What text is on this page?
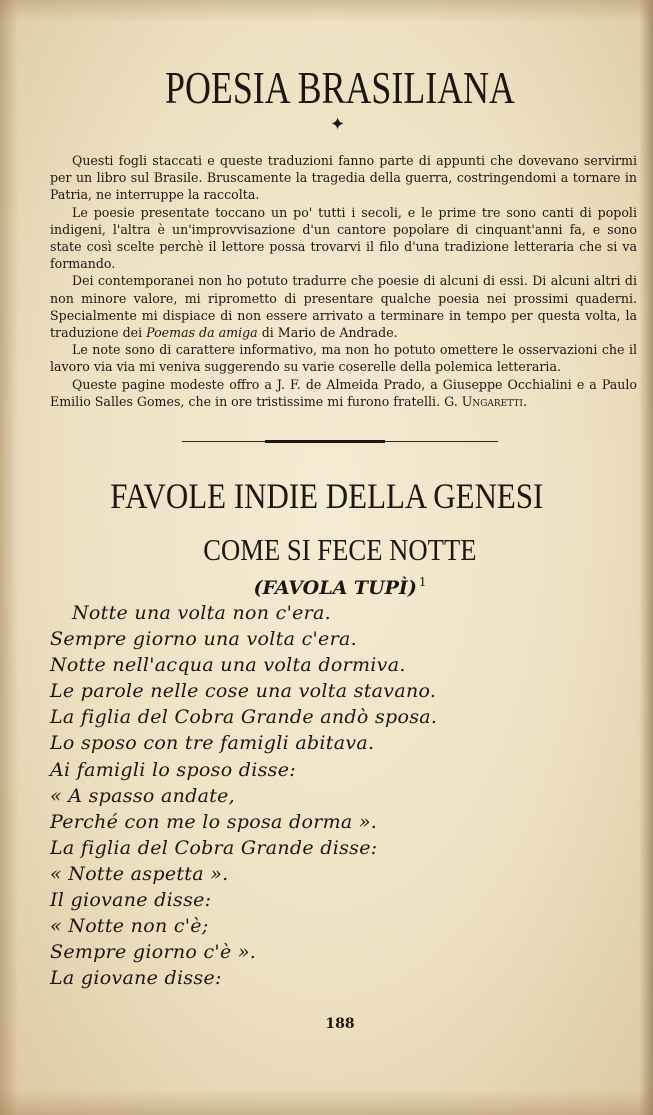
POESIA BRASILIANA
✦

Questi fogli staccati e queste traduzioni fanno parte di appunti che dovevano servirmi per un libro sul Brasile. Bruscamente la tragedia della guerra, costringendomi a tornare in Patria, ne interruppe la raccolta.

Le poesie presentate toccano un po' tutti i secoli, e le prime tre sono canti di popoli indigeni, l'altra è un'improvvisazione d'un cantore popolare di cinquant'anni fa, e sono state così scelte perchè il lettore possa trovarvi il filo d'una tradizione letteraria che si va formando.

Dei contemporanei non ho potuto tradurre che poesie di alcuni di essi. Di alcuni altri di non minore valore, mi riprometto di presentare qualche poesia nei prossimi quaderni. Specialmente mi dispiace di non essere arrivato a terminare in tempo per questa volta, la traduzione dei Poemas da amiga di Mario de Andrade.

Le note sono di carattere informativo, ma non ho potuto omettere le osservazioni che il lavoro via via mi veniva suggerendo su varie coserelle della polemica letteraria.

Queste pagine modeste offro a J. F. de Almeida Prado, a Giuseppe Occhialini e a Paulo Emilio Salles Gomes, che in ore tristissime mi furono fratelli. G. Ungaretti.

FAVOLE INDIE DELLA GENESI
COME SI FECE NOTTE
(FAVOLA TUPÌ) $^1$
Notte una volta non c'era.
Sempre giorno una volta c'era.
Notte nell'acqua una volta dormiva.
Le parole nelle cose una volta stavano.
La figlia del Cobra Grande andò sposa.
Lo sposo con tre famigli abitava.
Ai famigli lo sposo disse:
« A spasso andate,
Perché con me lo sposa dorma ».
La figlia del Cobra Grande disse:
« Notte aspetta ».
Il giovane disse:
« Notte non c'è;
Sempre giorno c'è ».
La giovane disse:
188
